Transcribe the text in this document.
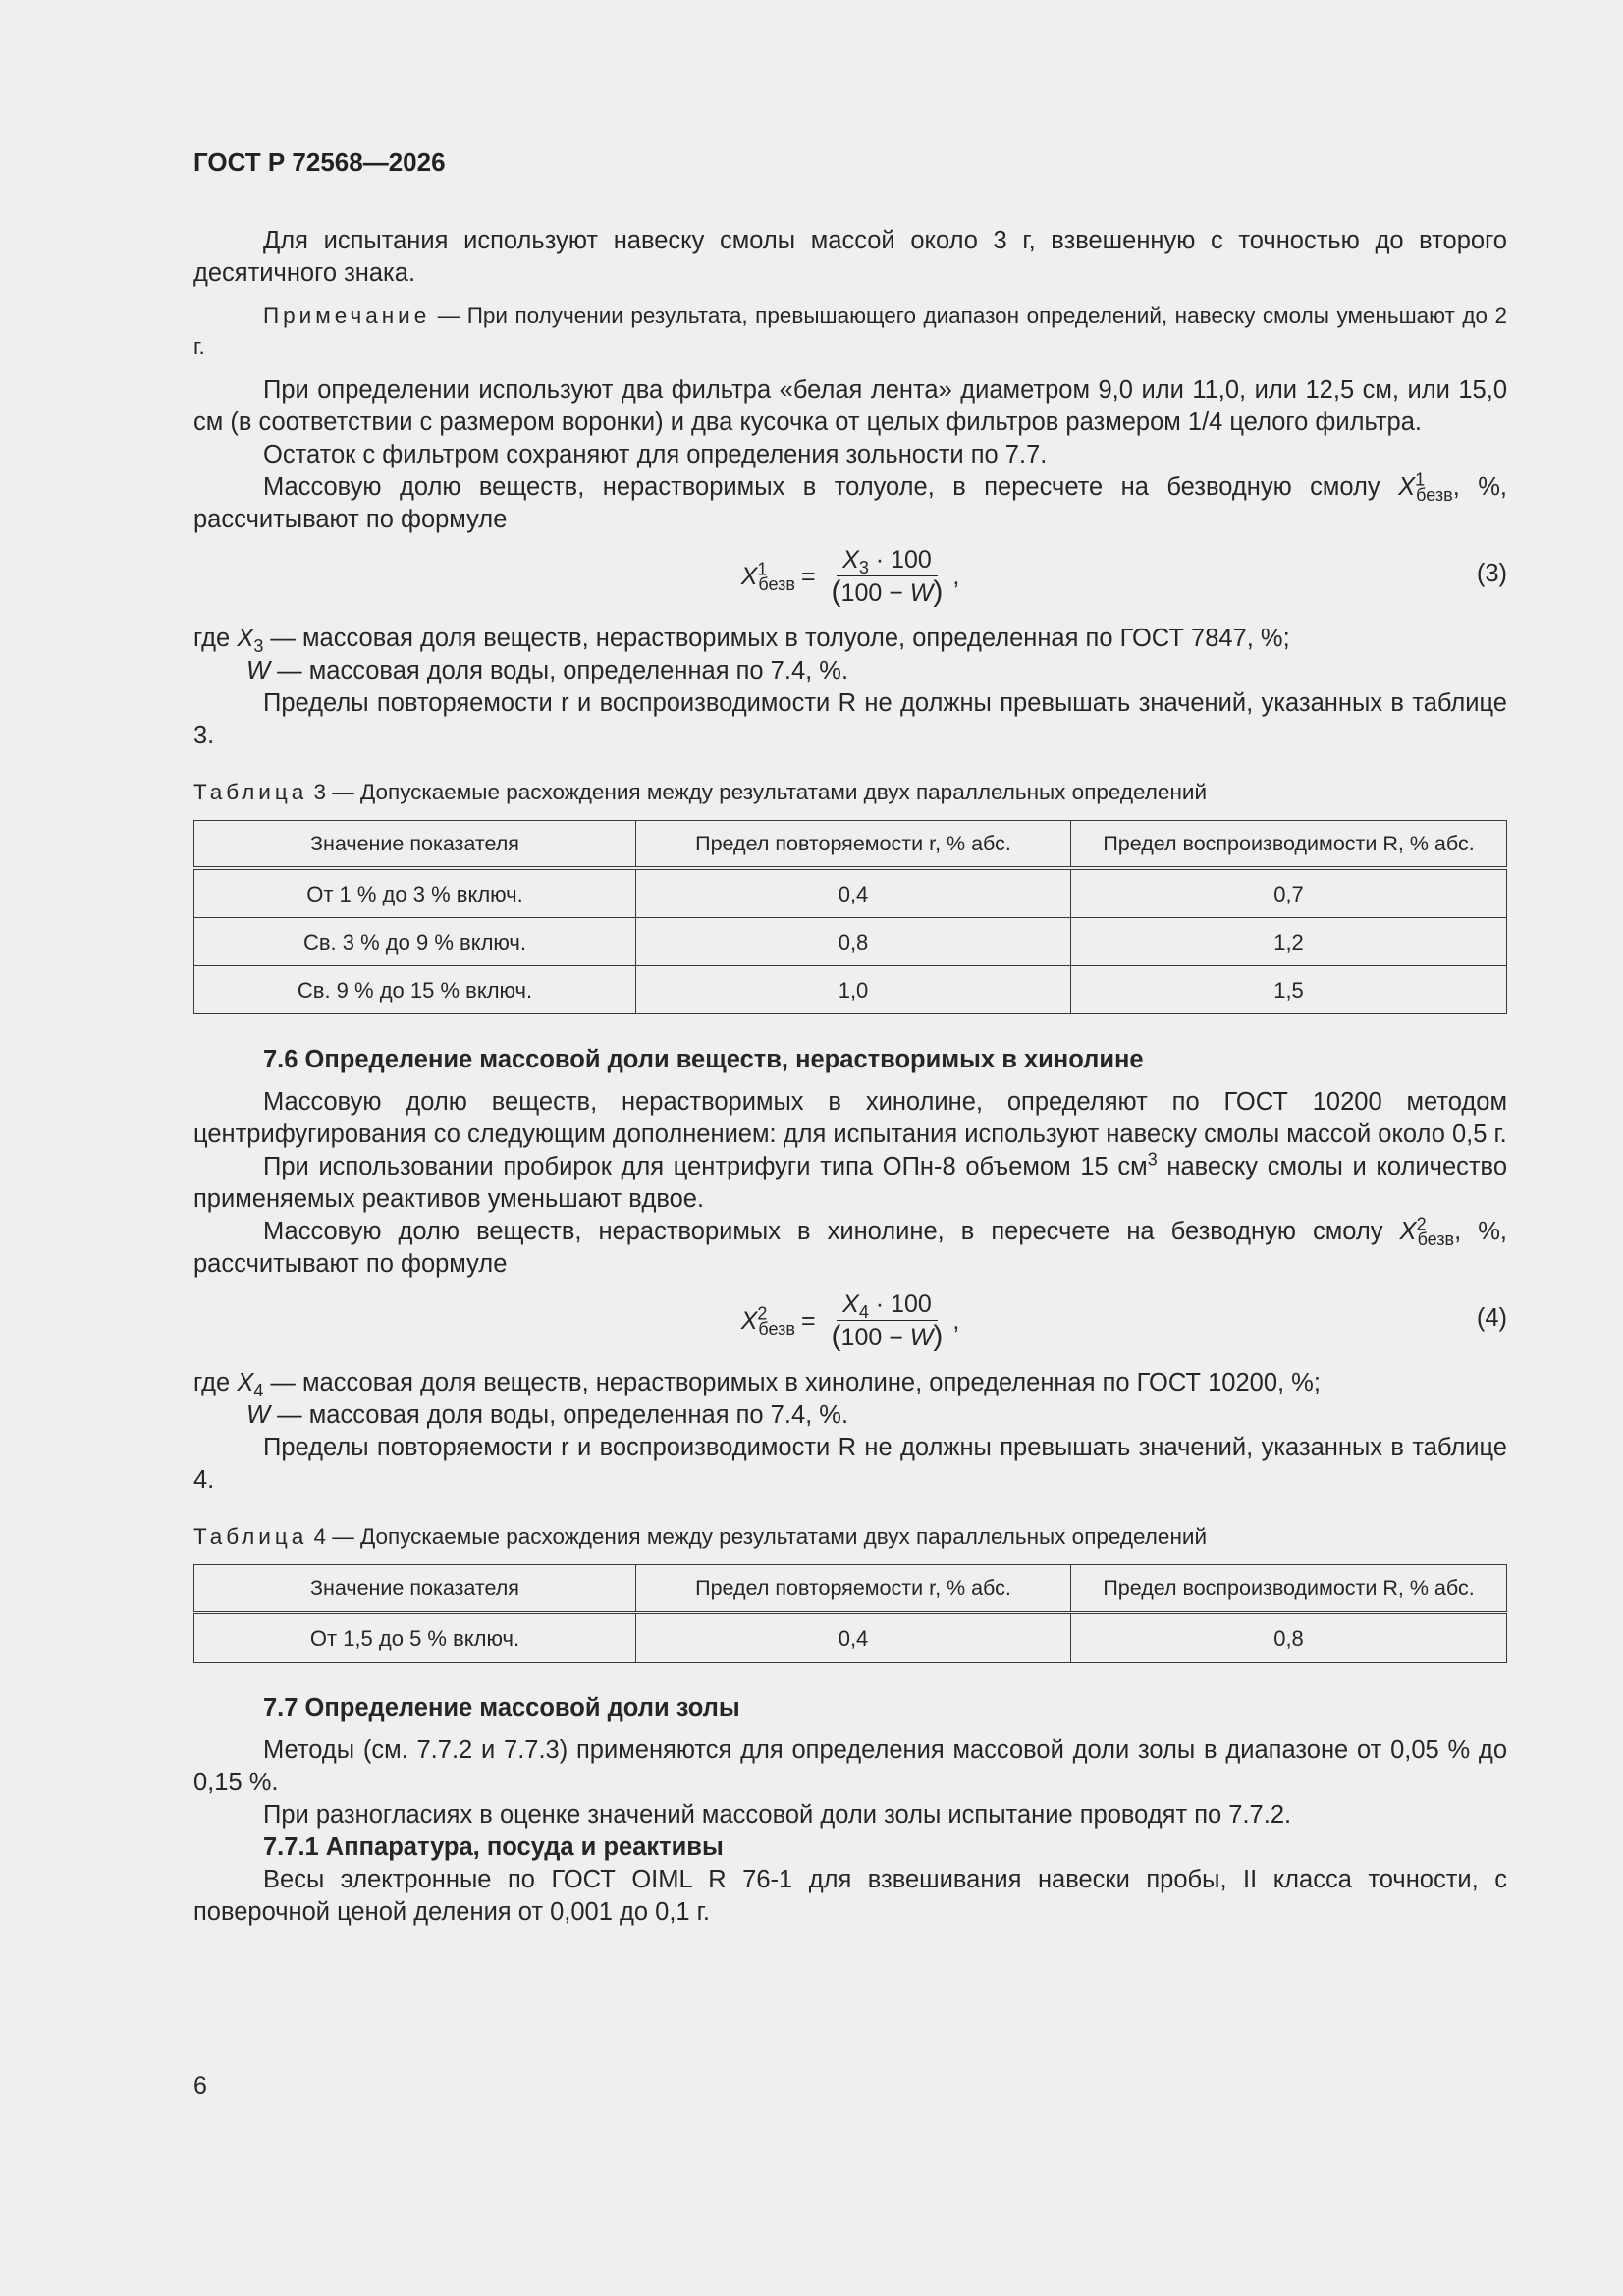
ГОСТ Р 72568—2026

Для испытания используют навеску смолы массой около 3 г, взвешенную с точностью до второго десятичного знака.

Примечание — При получении результата, превышающего диапазон определений, навеску смолы уменьшают до 2 г.

При определении используют два фильтра «белая лента» диаметром 9,0 или 11,0, или 12,5 см, или 15,0 см (в соответствии с размером воронки) и два кусочка от целых фильтров размером 1/4 целого фильтра.

Остаток с фильтром сохраняют для определения зольности по 7.7.

Массовую долю веществ, нерастворимых в толуоле, в пересчете на безводную смолу $X^1_{безв}$, %, рассчитывают по формуле

$X^1_{безв} = \frac{X_3 \cdot 100}{(100 - W)}$ ,	(3)

где $X_3$ — массовая доля веществ, нерастворимых в толуоле, определенная по ГОСТ 7847, %;

W — массовая доля воды, определенная по 7.4, %.

Пределы повторяемости r и воспроизводимости R не должны превышать значений, указанных в таблице 3.

Таблица 3 — Допускаемые расхождения между результатами двух параллельных определений
Значение показателя	Предел повторяемости r, % абс.	Предел воспроизводимости R, % абс.
От 1 % до 3 % включ.	0,4	0,7
Св. 3 % до 9 % включ.	0,8	1,2
Св. 9 % до 15 % включ.	1,0	1,5

7.6 Определение массовой доли веществ, нерастворимых в хинолине

Массовую долю веществ, нерастворимых в хинолине, определяют по ГОСТ 10200 методом центрифугирования со следующим дополнением: для испытания используют навеску смолы массой около 0,5 г.

При использовании пробирок для центрифуги типа ОПн-8 объемом 15 $см^3$ навеску смолы и количество применяемых реактивов уменьшают вдвое.

Массовую долю веществ, нерастворимых в хинолине, в пересчете на безводную смолу $X^2_{безв}$, %, рассчитывают по формуле

$X^2_{безв} = \frac{X_4 \cdot 100}{(100 - W)}$ ,	(4)

где $X_4$ — массовая доля веществ, нерастворимых в хинолине, определенная по ГОСТ 10200, %;

W — массовая доля воды, определенная по 7.4, %.

Пределы повторяемости r и воспроизводимости R не должны превышать значений, указанных в таблице 4.

Таблица 4 — Допускаемые расхождения между результатами двух параллельных определений
Значение показателя	Предел повторяемости r, % абс.	Предел воспроизводимости R, % абс.
От 1,5 до 5 % включ.	0,4	0,8

7.7 Определение массовой доли золы

Методы (см. 7.7.2 и 7.7.3) применяются для определения массовой доли золы в диапазоне от 0,05 % до 0,15 %.

При разногласиях в оценке значений массовой доли золы испытание проводят по 7.7.2.

7.7.1 Аппаратура, посуда и реактивы

Весы электронные по ГОСТ OIML R 76-1 для взвешивания навески пробы, II класса точности, с поверочной ценой деления от 0,001 до 0,1 г.

6
